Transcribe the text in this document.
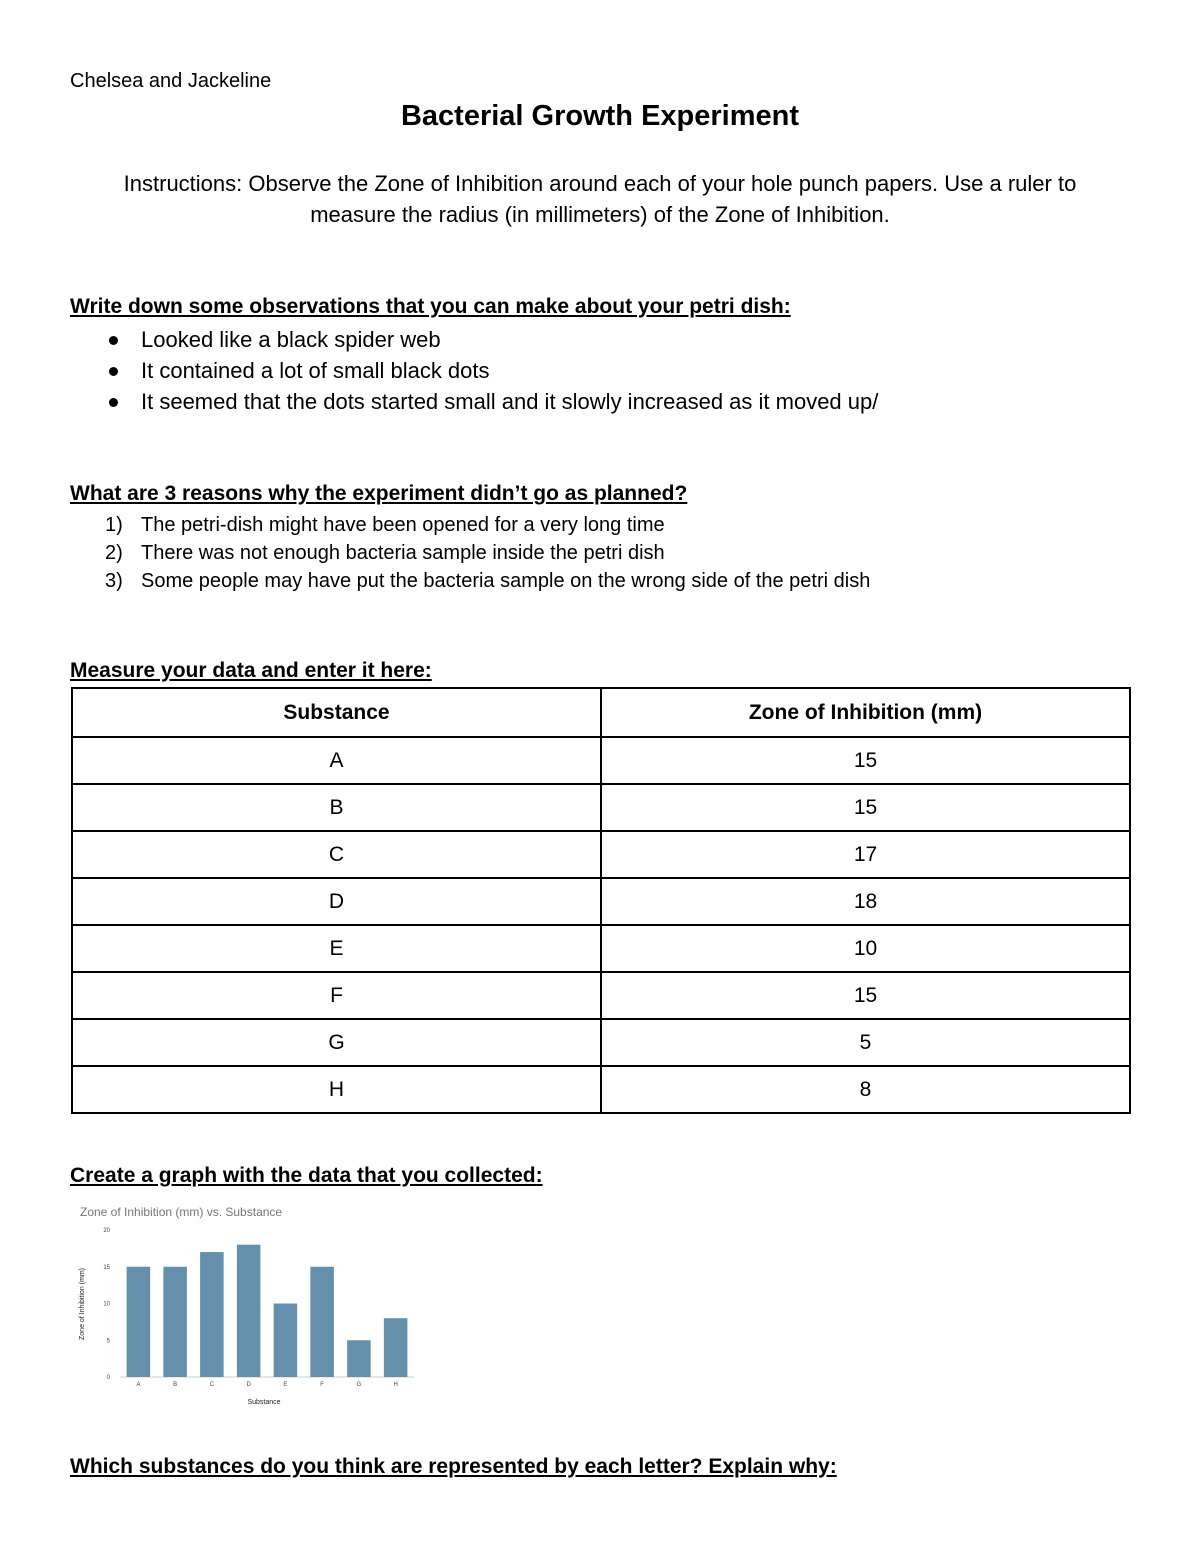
Chelsea and Jackeline
Bacterial Growth Experiment
Instructions: Observe the Zone of Inhibition around each of your hole punch papers. Use a ruler to measure the radius (in millimeters) of the Zone of Inhibition.
Write down some observations that you can make about your petri dish:
Looked like a black spider web
It contained a lot of small black dots
It seemed that the dots started small and it slowly increased as it moved up/
What are 3 reasons why the experiment didn’t go as planned?
1) The petri-dish might have been opened for a very long time
2) There was not enough bacteria sample inside the petri dish
3) Some people may have put the bacteria sample on the wrong side of the petri dish
Measure your data and enter it here:
Substance	Zone of Inhibition (mm)
A	15
B	15
C	17
D	18
E	10
F	15
G	5
H	8
Create a graph with the data that you collected:
Zone of Inhibition (mm) vs. Substance
Zone of Inhibition (mm)
Substance
0
5
10
15
20
A	B	C	D	E	F	G	H
Which substances do you think are represented by each letter? Explain why:
